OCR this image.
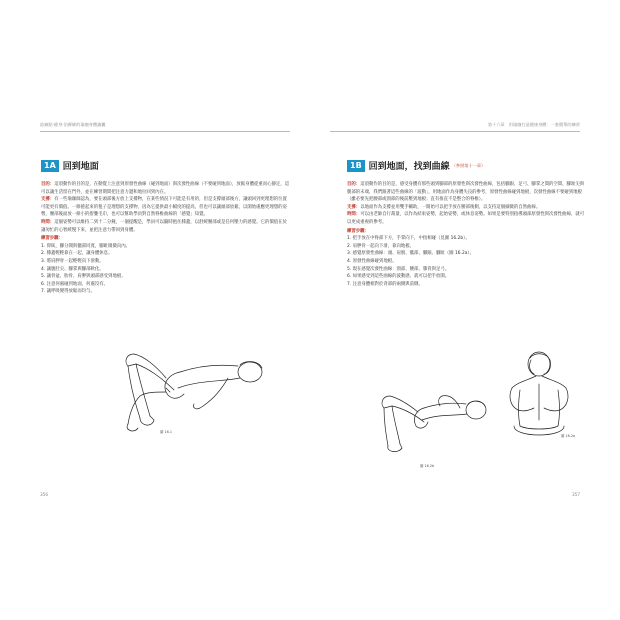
給痛點‧健身‧治療師的瑜珈身體錦囊
1A 回到地面

目的：這項動作的目的是，在動覺上注意到原發性曲線（碰到地面）與次發性曲線（不要碰到地面），放鬆身體從重而心靜定，這可以讓生活留在門外，並在練習期間把注意力邊和地拉回到內在。

支撐：有一些瑜珈師認為，要在頭部後方放上支撐物，在某些情況下可能是有用的，但是支撐頭部後方，讓頭回到更理想的位置可能更有價值。一條捲起來的毯子是理想的支撐物，因為它提供最小幅度的提高，但也可以讓頭部放鬆，以開始處應更理想的姿勢，腰部後面放一條小的摺疊毛巾，也可以幫助學員對自然脊椎曲線的「感覺」知覺。

時間：這個姿勢可以維持二到十二分鐘，一個提醒是，學員可以隨時抱住膝蓋，以舒緩腰部或是任何壓力的感覺。它的價值在於讓匆忙的心智緩慢下來，並把注意力帶回到身體。

練習步驟：

1. 仰臥，腳分開與髖部同寬，腳趾微微向內。

2. 膝蓋輕輕靠在一起，讓身體休息。

3. 將肩胛骨一起輕輕向下滑動。

4. 讓腹肚尖、腳掌與腳部軟化。

5. 讓骨盆、肋骨、肩胛與頭部感受到地板。

6. 注意何處碰到地面，何處沒有。

7. 讓呼吸變得放鬆而均勻。

圖 16.1
356
第十六章　用瑜珈打造健康身體：一套簡單的練習
1B 回到地面，找到曲線 （參照第十一章）

目的：這項動作的目的是，感受身體有那些頭到腳部的原發性與次發性曲線，包括腳跟、足弓、腳掌之間的空間、腳趾尖與腿部的末端，我們跟著這些曲線的「波動」，用地面作為身體失良的參考，原發性曲線碰到地板，次發性曲線不要碰到地板（雖必要先把腰部或頸部的後前壓到地板；直有推直不是整合的脊椎）。

支撐：以地面作為支撐並用雙手輔助，一開始可以把手放在腰部後側，以支持這個細微的自然曲線。

時間：可以由老師自行裁量，以作為結束姿勢，起始姿勢，或休息姿勢。如果是要特別指導頭部原發性與次發性曲線，就可以更成重複的參考。

練習步驟：

1. 把手放在中脊部下方，手掌向下，中指相碰（見圖 16.2b）。

2. 肩胛骨一起向下滑，靠向地板。

3. 感覺原發性曲線：頭、肩膀、骶部、腳跟、腳趾（圖 16.2a）。

4. 原發性曲線碰到地板。

5. 現在感覺次發性曲線：頸部、腰部、膝背與足弓。

6. 如果感受到這些曲線的波動感，就可以把手放開。

7. 注意身體相對於背部的兩側與前側。

圖 16.2b
圖 16.2a
357
